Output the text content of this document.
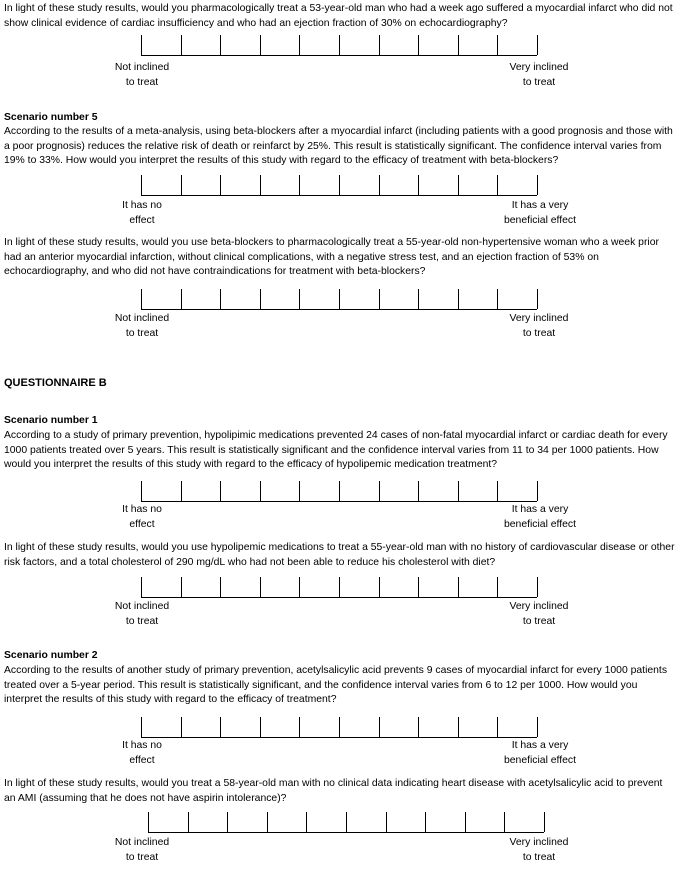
In light of these study results, would you pharmacologically treat a 53-year-old man who had a week ago suffered a myocardial infarct who did not show clinical evidence of cardiac insufficiency and who had an ejection fraction of 30% on echocardiography?

Not inclined
to treat
Very inclined
to treat
Scenario number 5

According to the results of a meta-analysis, using beta-blockers after a myocardial infarct (including patients with a good prognosis and those with a poor prognosis) reduces the relative risk of death or reinfarct by 25%. This result is statistically significant. The confidence interval varies from 19% to 33%. How would you interpret the results of this study with regard to the efficacy of treatment with beta-blockers?

It has no
effect
It has a very
beneficial effect

In light of these study results, would you use beta-blockers to pharmacologically treat a 55-year-old non-hypertensive woman who a week prior had an anterior myocardial infarction, without clinical complications, with a negative stress test, and an ejection fraction of 53% on echocardiography, and who did not have contraindications for treatment with beta-blockers?

Not inclined
to treat
Very inclined
to treat
QUESTIONNAIRE B
Scenario number 1

According to a study of primary prevention, hypolipimic medications prevented 24 cases of non-fatal myocardial infarct or cardiac death for every 1000 patients treated over 5 years. This result is statistically significant and the confidence interval varies from 11 to 34 per 1000 patients. How would you interpret the results of this study with regard to the efficacy of hypolipemic medication treatment?

It has no
effect
It has a very
beneficial effect

In light of these study results, would you use hypolipemic medications to treat a 55-year-old man with no history of cardiovascular disease or other risk factors, and a total cholesterol of 290 mg/dL who had not been able to reduce his cholesterol with diet?

Not inclined
to treat
Very inclined
to treat
Scenario number 2

According to the results of another study of primary prevention, acetylsalicylic acid prevents 9 cases of myocardial infarct for every 1000 patients treated over a 5-year period. This result is statistically significant, and the confidence interval varies from 6 to 12 per 1000. How would you interpret the results of this study with regard to the efficacy of treatment?

It has no
effect
It has a very
beneficial effect

In light of these study results, would you treat a 58-year-old man with no clinical data indicating heart disease with acetylsalicylic acid to prevent an AMI (assuming that he does not have aspirin intolerance)?

Not inclined
to treat
Very inclined
to treat
